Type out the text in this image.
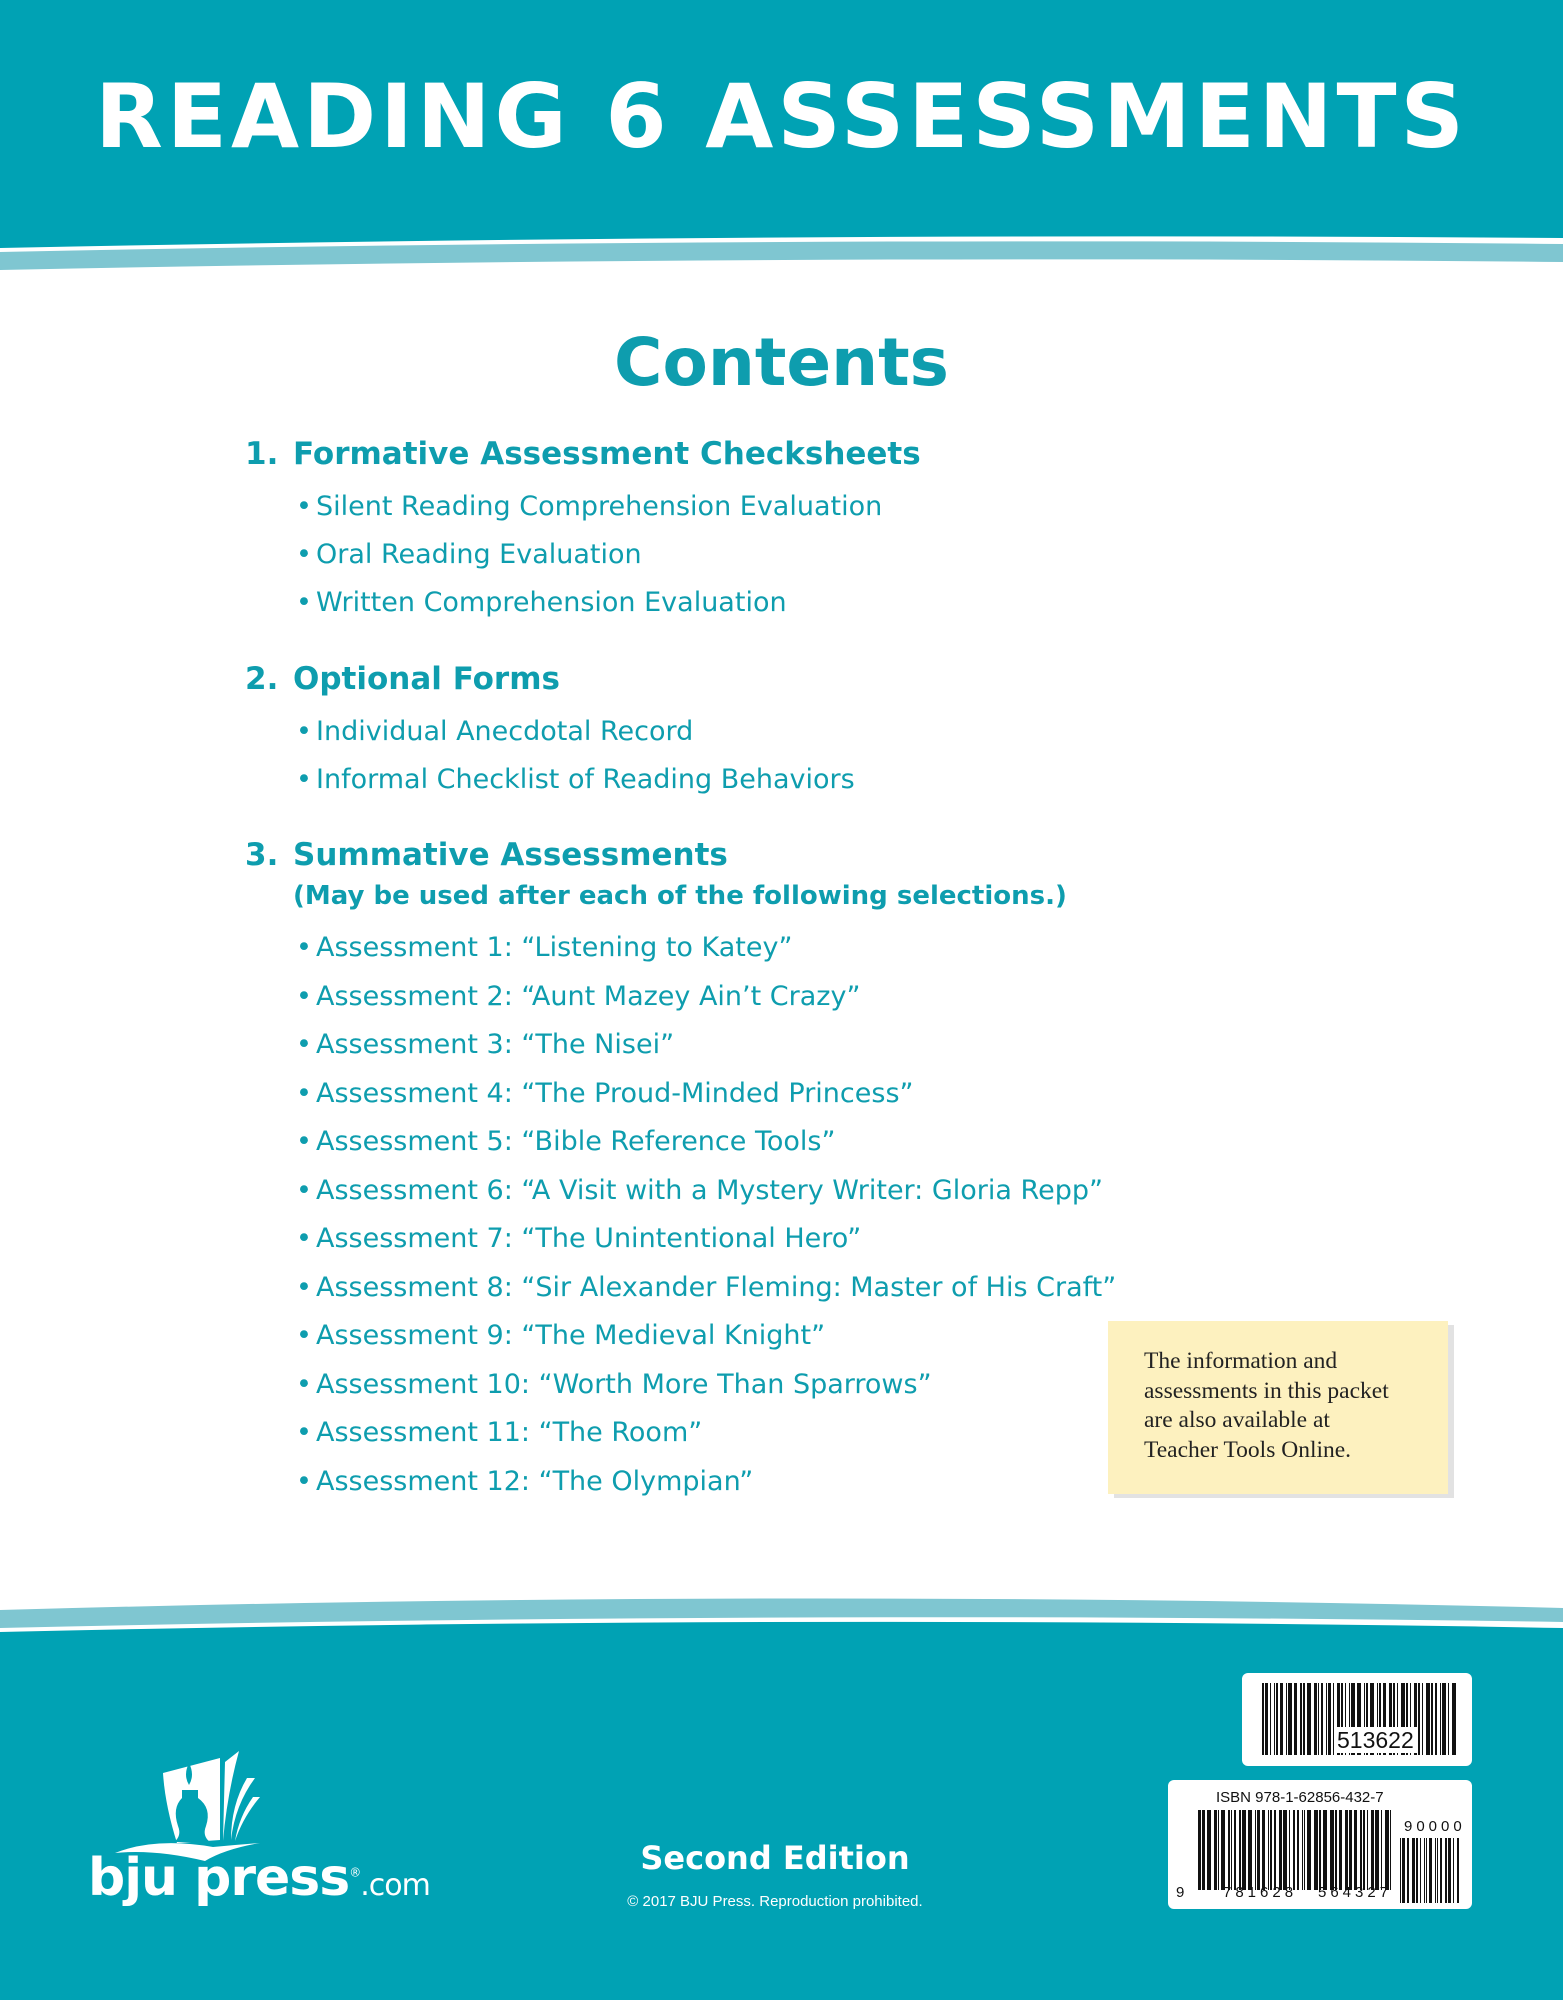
READING 6 ASSESSMENTS
Contents
1. Formative Assessment Checksheets
• Silent Reading Comprehension Evaluation
• Oral Reading Evaluation
• Written Comprehension Evaluation
2. Optional Forms
• Individual Anecdotal Record
• Informal Checklist of Reading Behaviors
3. Summative Assessments
(May be used after each of the following selections.)
• Assessment 1: “Listening to Katey”
• Assessment 2: “Aunt Mazey Ain’t Crazy”
• Assessment 3: “The Nisei”
• Assessment 4: “The Proud-Minded Princess”
• Assessment 5: “Bible Reference Tools”
• Assessment 6: “A Visit with a Mystery Writer: Gloria Repp”
• Assessment 7: “The Unintentional Hero”
• Assessment 8: “Sir Alexander Fleming: Master of His Craft”
• Assessment 9: “The Medieval Knight”
• Assessment 10: “Worth More Than Sparrows”
• Assessment 11: “The Room”
• Assessment 12: “The Olympian”
The information and
assessments in this packet
are also available at
Teacher Tools Online.
bju press®.com
Second Edition
© 2017 BJU Press. Reproduction prohibited.
513622
ISBN 978-1-62856-432-7
9 781628 564327
90000
